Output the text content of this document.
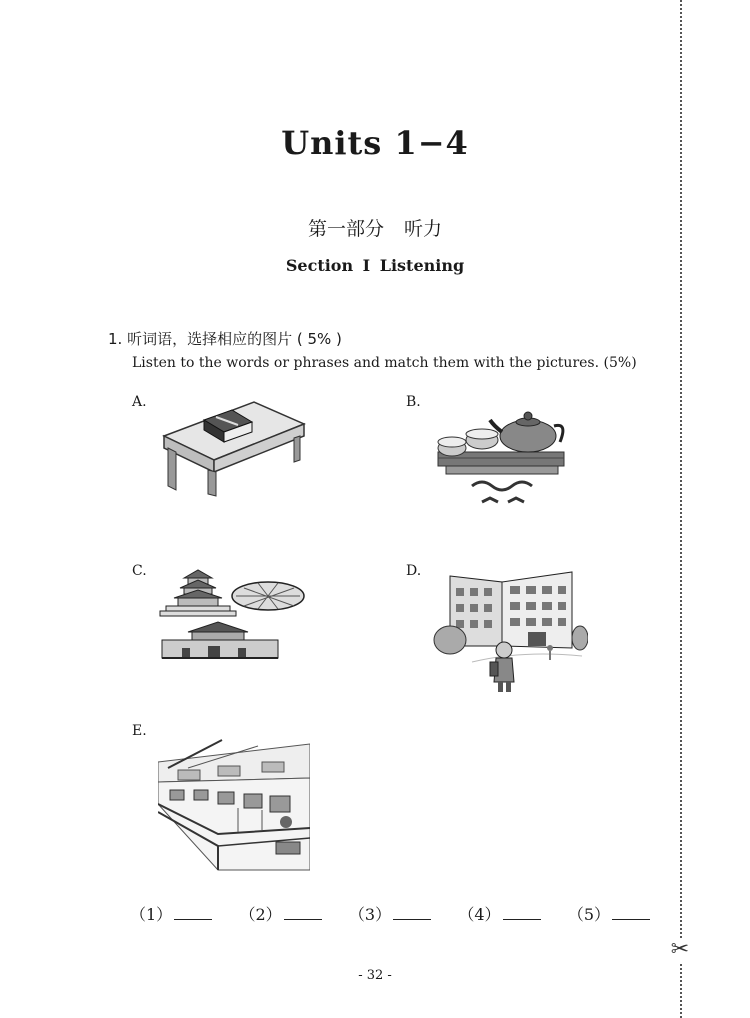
✂
Units 1−4
第一部分 听力
Section I Listening
1. 听词语，选择相应的图片 ( 5% )
Listen to the words or phrases and match them with the pictures. (5%)
A.	B.
C.	D.
E.
（1）	（2）	（3）	（4）	（5）
- 32 -
